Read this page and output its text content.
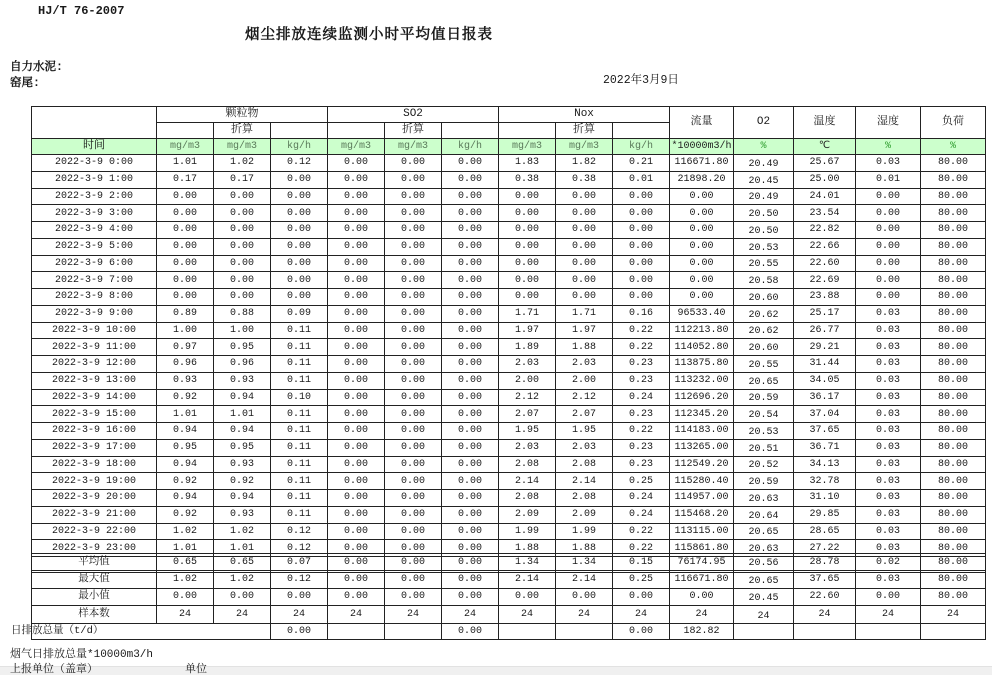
HJ/T 76-2007
烟尘排放连续监测小时平均值日报表
自力水泥:
窑尾:	2022年3月9日
	颗粒物			SO2			Nox			流量	O2	温度	湿度	负荷
		折算			折算			折算						
时间	mg/m3	mg/m3	kg/h	mg/m3	mg/m3	kg/h	mg/m3	mg/m3	kg/h	*10000m3/h	%	℃	%	%
2022-3-9 0:00	1.01	1.02	0.12	0.00	0.00	0.00	1.83	1.82	0.21	116671.80	20.49	25.67	0.03	80.00
2022-3-9 1:00	0.17	0.17	0.00	0.00	0.00	0.00	0.38	0.38	0.01	21898.20	20.45	25.00	0.01	80.00
2022-3-9 2:00	0.00	0.00	0.00	0.00	0.00	0.00	0.00	0.00	0.00	0.00	20.49	24.01	0.00	80.00
2022-3-9 3:00	0.00	0.00	0.00	0.00	0.00	0.00	0.00	0.00	0.00	0.00	20.50	23.54	0.00	80.00
2022-3-9 4:00	0.00	0.00	0.00	0.00	0.00	0.00	0.00	0.00	0.00	0.00	20.50	22.82	0.00	80.00
2022-3-9 5:00	0.00	0.00	0.00	0.00	0.00	0.00	0.00	0.00	0.00	0.00	20.53	22.66	0.00	80.00
2022-3-9 6:00	0.00	0.00	0.00	0.00	0.00	0.00	0.00	0.00	0.00	0.00	20.55	22.60	0.00	80.00
2022-3-9 7:00	0.00	0.00	0.00	0.00	0.00	0.00	0.00	0.00	0.00	0.00	20.58	22.69	0.00	80.00
2022-3-9 8:00	0.00	0.00	0.00	0.00	0.00	0.00	0.00	0.00	0.00	0.00	20.60	23.88	0.00	80.00
2022-3-9 9:00	0.89	0.88	0.09	0.00	0.00	0.00	1.71	1.71	0.16	96533.40	20.62	25.17	0.03	80.00
2022-3-9 10:00	1.00	1.00	0.11	0.00	0.00	0.00	1.97	1.97	0.22	112213.80	20.62	26.77	0.03	80.00
2022-3-9 11:00	0.97	0.95	0.11	0.00	0.00	0.00	1.89	1.88	0.22	114052.80	20.60	29.21	0.03	80.00
2022-3-9 12:00	0.96	0.96	0.11	0.00	0.00	0.00	2.03	2.03	0.23	113875.80	20.55	31.44	0.03	80.00
2022-3-9 13:00	0.93	0.93	0.11	0.00	0.00	0.00	2.00	2.00	0.23	113232.00	20.65	34.05	0.03	80.00
2022-3-9 14:00	0.92	0.94	0.10	0.00	0.00	0.00	2.12	2.12	0.24	112696.20	20.59	36.17	0.03	80.00
2022-3-9 15:00	1.01	1.01	0.11	0.00	0.00	0.00	2.07	2.07	0.23	112345.20	20.54	37.04	0.03	80.00
2022-3-9 16:00	0.94	0.94	0.11	0.00	0.00	0.00	1.95	1.95	0.22	114183.00	20.53	37.65	0.03	80.00
2022-3-9 17:00	0.95	0.95	0.11	0.00	0.00	0.00	2.03	2.03	0.23	113265.00	20.51	36.71	0.03	80.00
2022-3-9 18:00	0.94	0.93	0.11	0.00	0.00	0.00	2.08	2.08	0.23	112549.20	20.52	34.13	0.03	80.00
2022-3-9 19:00	0.92	0.92	0.11	0.00	0.00	0.00	2.14	2.14	0.25	115280.40	20.59	32.78	0.03	80.00
2022-3-9 20:00	0.94	0.94	0.11	0.00	0.00	0.00	2.08	2.08	0.24	114957.00	20.63	31.10	0.03	80.00
2022-3-9 21:00	0.92	0.93	0.11	0.00	0.00	0.00	2.09	2.09	0.24	115468.20	20.64	29.85	0.03	80.00
2022-3-9 22:00	1.02	1.02	0.12	0.00	0.00	0.00	1.99	1.99	0.22	113115.00	20.65	28.65	0.03	80.00
2022-3-9 23:00	1.01	1.01	0.12	0.00	0.00	0.00	1.88	1.88	0.22	115861.80	20.63	27.22	0.03	80.00

平均值	0.65	0.65	0.07	0.00	0.00	0.00	1.34	1.34	0.15	76174.95	20.56	28.78	0.02	80.00
最大值	1.02	1.02	0.12	0.00	0.00	0.00	2.14	2.14	0.25	116671.80	20.65	37.65	0.03	80.00
最小值	0.00	0.00	0.00	0.00	0.00	0.00	0.00	0.00	0.00	0.00	20.45	22.60	0.00	80.00
样本数	24	24	24	24	24	24	24	24	24	24	24	24	24	24
日排放总量（t/d）			0.00			0.00			0.00	182.82				
烟气日排放总量*10000m3/h
上报单位（盖章）	单位
